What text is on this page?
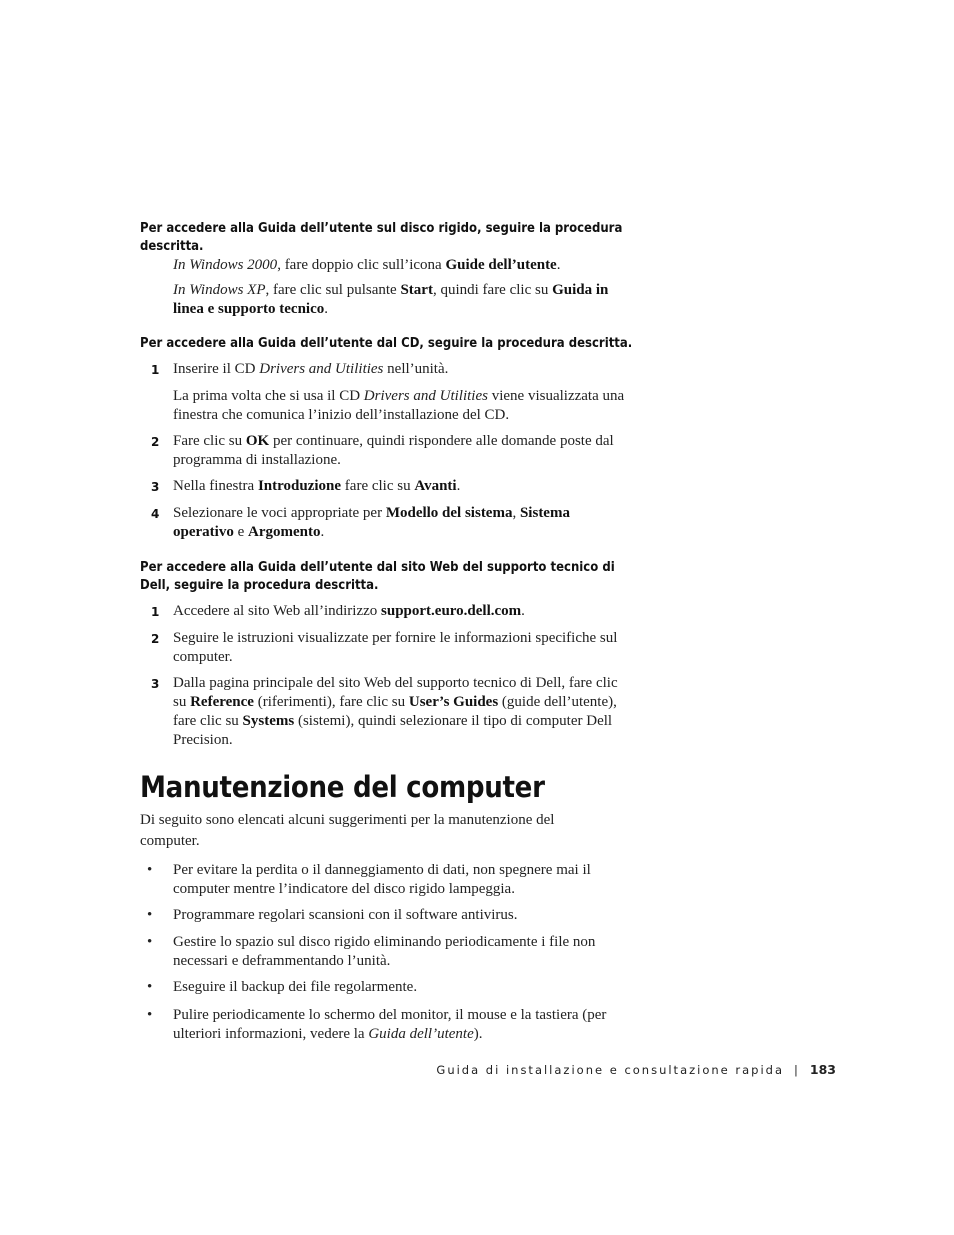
Per accedere alla Guida dell’utente sul disco rigido, seguire la procedura descritta.
In Windows 2000, fare doppio clic sull’icona Guide dell’utente.
In Windows XP, fare clic sul pulsante Start, quindi fare clic su Guida in linea e supporto tecnico.
Per accedere alla Guida dell’utente dal CD, seguire la procedura descritta.
1 Inserire il CD Drivers and Utilities nell’unità.
La prima volta che si usa il CD Drivers and Utilities viene visualizzata una finestra che comunica l’inizio dell’installazione del CD.
2 Fare clic su OK per continuare, quindi rispondere alle domande poste dal programma di installazione.
3 Nella finestra Introduzione fare clic su Avanti.
4 Selezionare le voci appropriate per Modello del sistema, Sistema operativo e Argomento.
Per accedere alla Guida dell’utente dal sito Web del supporto tecnico di Dell, seguire la procedura descritta.
1 Accedere al sito Web all’indirizzo support.euro.dell.com.
2 Seguire le istruzioni visualizzate per fornire le informazioni specifiche sul computer.
3 Dalla pagina principale del sito Web del supporto tecnico di Dell, fare clic su Reference (riferimenti), fare clic su User’s Guides (guide dell’utente), fare clic su Systems (sistemi), quindi selezionare il tipo di computer Dell Precision.
Manutenzione del computer
Di seguito sono elencati alcuni suggerimenti per la manutenzione del computer.
• Per evitare la perdita o il danneggiamento di dati, non spegnere mai il computer mentre l’indicatore del disco rigido lampeggia.
• Programmare regolari scansioni con il software antivirus.
• Gestire lo spazio sul disco rigido eliminando periodicamente i file non necessari e deframmentando l’unità.
• Eseguire il backup dei file regolarmente.
• Pulire periodicamente lo schermo del monitor, il mouse e la tastiera (per ulteriori informazioni, vedere la Guida dell’utente).
Guida di installazione e consultazione rapida | 183
